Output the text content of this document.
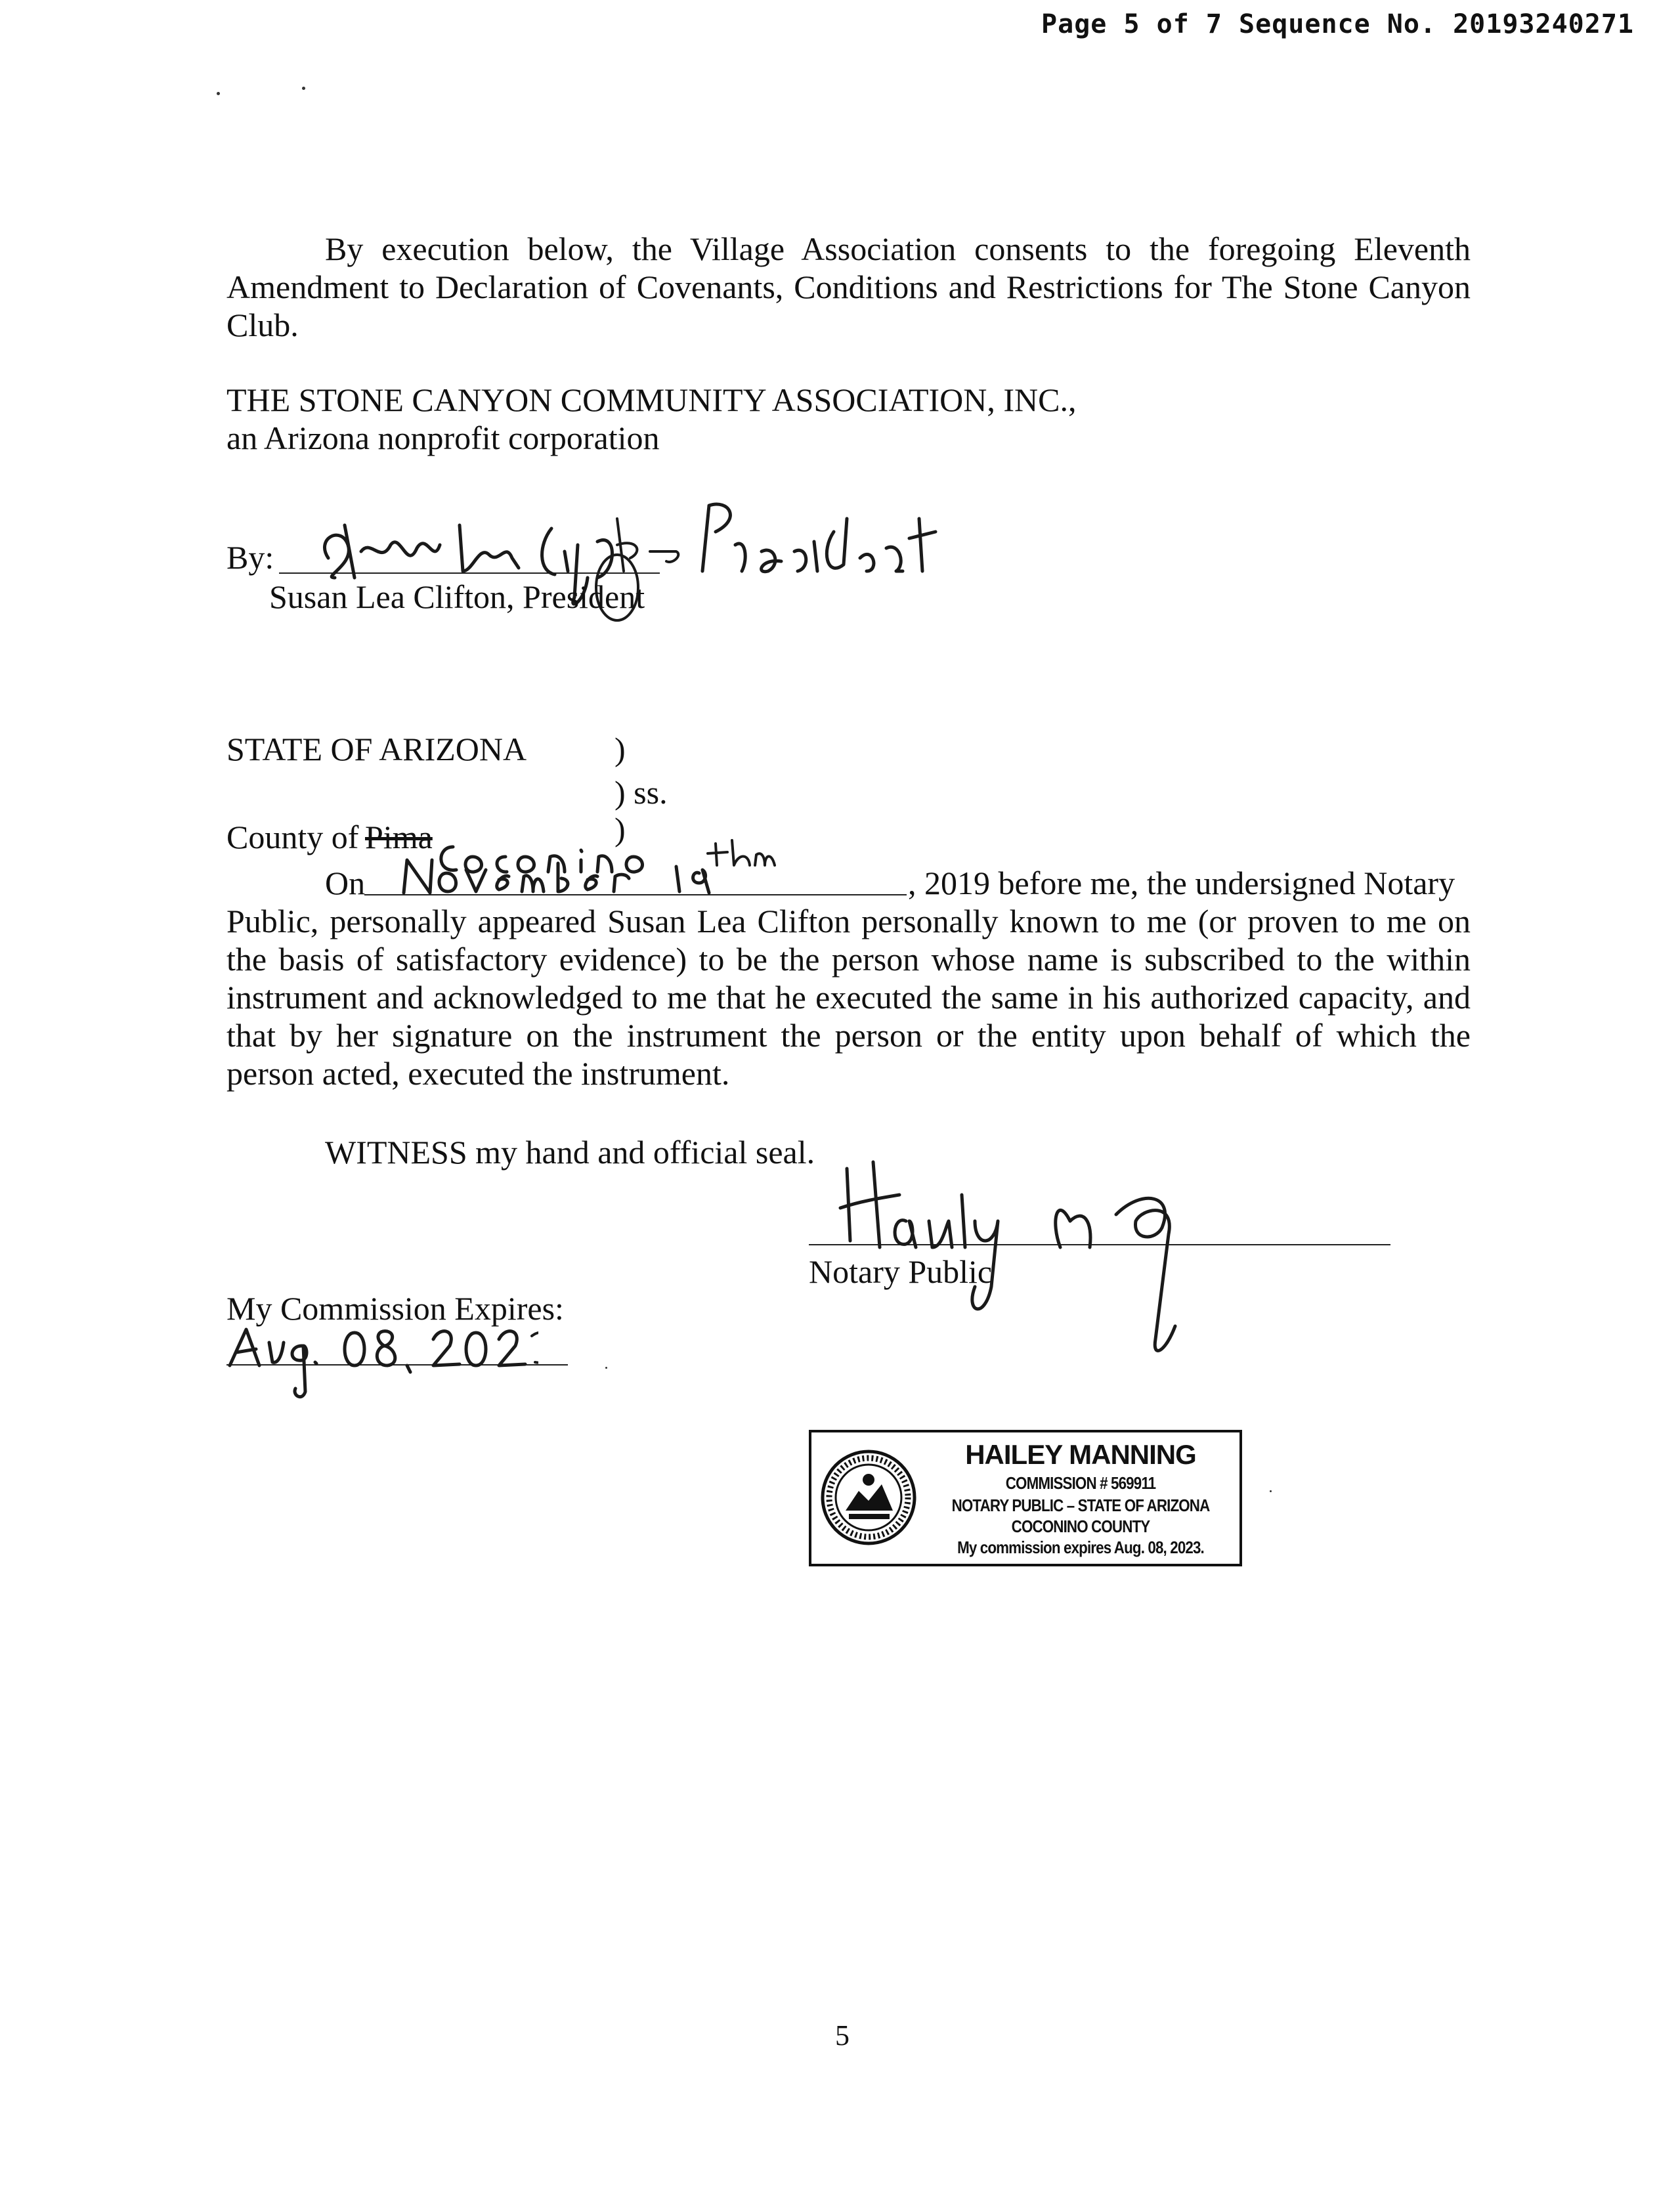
Page 5 of 7 Sequence No. 20193240271
By execution below, the Village Association consents to the foregoing Eleventh Amendment to Declaration of Covenants, Conditions and Restrictions for The Stone Canyon Club.
THE STONE CANYON COMMUNITY ASSOCIATION, INC.,
an Arizona nonprofit corporation
By:
Susan Lea Clifton, President
STATE OF ARIZONA	)
) ss.
County of Pima	)
On	, 2019 before me, the undersigned Notary
Public, personally appeared Susan Lea Clifton personally known to me (or proven to me on the basis of satisfactory evidence) to be the person whose name is subscribed to the within instrument and acknowledged to me that he executed the same in his authorized capacity, and that by her signature on the instrument the person or the entity upon behalf of which the person acted, executed the instrument.
WITNESS my hand and official seal.
Notary Public
My Commission Expires:
HAILEY MANNING
COMMISSION # 569911
NOTARY PUBLIC – STATE OF ARIZONA
COCONINO COUNTY
My commission expires Aug. 08, 2023.
5
